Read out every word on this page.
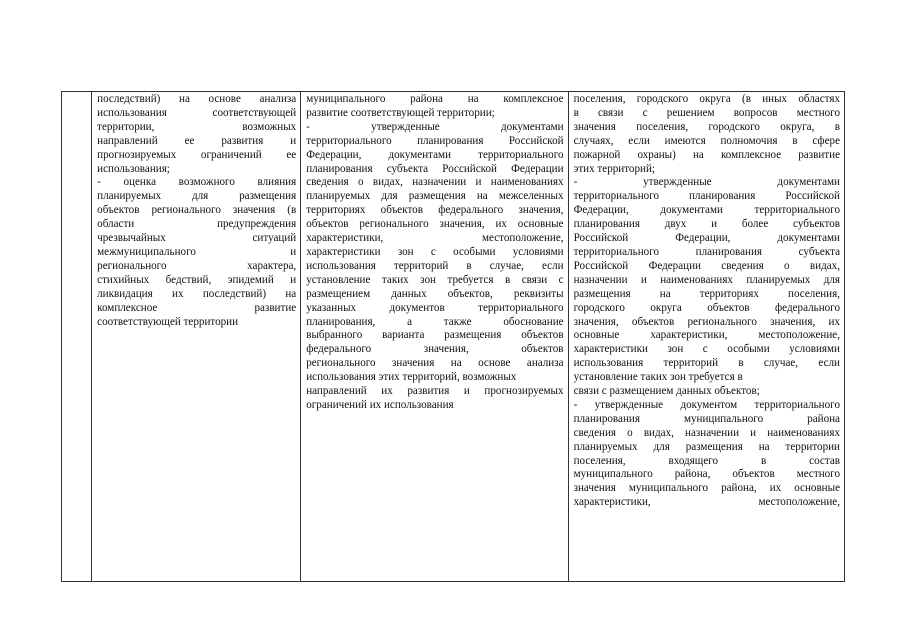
последствий) на основе анализа
использования соответствующей
территории, возможных
направлений ее развития и
прогнозируемых ограничений ее
использования;
- оценка возможного влияния
планируемых для размещения
объектов регионального значения (в
области предупреждения
чрезвычайных ситуаций
межмуниципального и
регионального характера,
стихийных бедствий, эпидемий и
ликвидация их последствий) на
комплексное развитие
соответствующей территории

муниципального района на комплексное
развитие соответствующей территории;
- утвержденные документами
территориального планирования Российской
Федерации, документами территориального
планирования субъекта Российской Федерации
сведения о видах, назначении и наименованиях
планируемых для размещения на межселенных
территориях объектов федерального значения,
объектов регионального значения, их основные
характеристики, местоположение,
характеристики зон с особыми условиями
использования территорий в случае, если
установление таких зон требуется в связи с
размещением данных объектов, реквизиты
указанных документов территориального
планирования, а также обоснование
выбранного варианта размещения объектов
федерального значения, объектов
регионального значения на основе анализа
использования этих территорий, возможных
направлений их развития и прогнозируемых
ограничений их использования

поселения, городского округа (в иных областях
в связи с решением вопросов местного
значения поселения, городского округа, в
случаях, если имеются полномочия в сфере
пожарной охраны) на комплексное развитие
этих территорий;
- утвержденные документами
территориального планирования Российской
Федерации, документами территориального
планирования двух и более субъектов
Российской Федерации, документами
территориального планирования субъекта
Российской Федерации сведения о видах,
назначении и наименованиях планируемых для
размещения на территориях поселения,
городского округа объектов федерального
значения, объектов регионального значения, их
основные характеристики, местоположение,
характеристики зон с особыми условиями
использования территорий в случае, если
установление таких зон требуется в
связи с размещением данных объектов;
- утвержденные документом территориального
планирования муниципального района
сведения о видах, назначении и наименованиях
планируемых для размещения на территории
поселения, входящего в состав
муниципального района, объектов местного
значения муниципального района, их основные
характеристики, местоположение,
